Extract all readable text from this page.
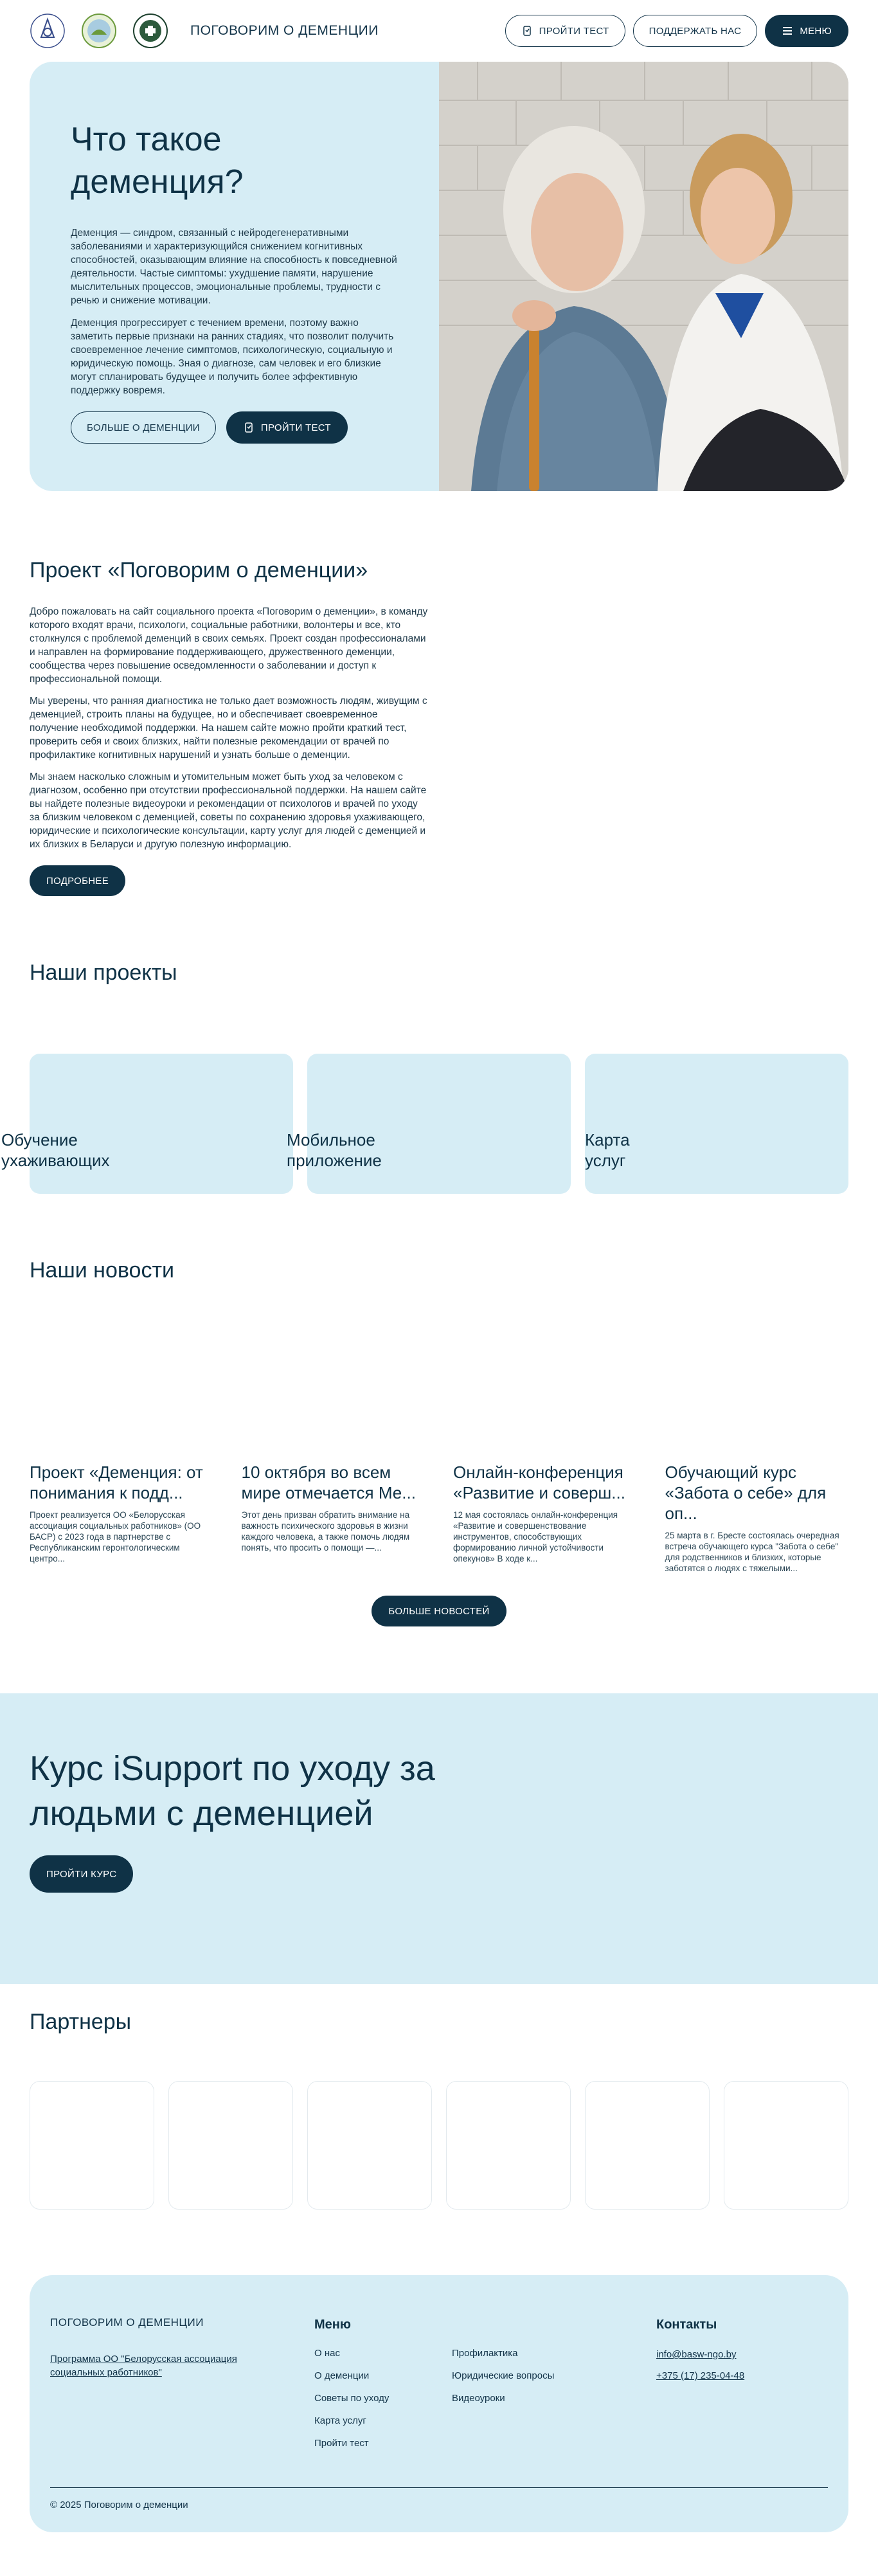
ПОГОВОРИМ О ДЕМЕНЦИИ	ПРОЙТИ ТЕСТ	ПОДДЕРЖАТЬ НАС	МЕНЮ
Что такое деменция?

Деменция — синдром, связанный с нейродегенеративными заболеваниями и характеризующийся снижением когнитивных способностей, оказывающим влияние на способность к повседневной деятельности. Частые симптомы: ухудшение памяти, нарушение мыслительных процессов, эмоциональные проблемы, трудности с речью и снижение мотивации.

Деменция прогрессирует с течением времени, поэтому важно заметить первые признаки на ранних стадиях, что позволит получить своевременное лечение симптомов, психологическую, социальную и юридическую помощь. Зная о диагнозе, сам человек и его близкие могут спланировать будущее и получить более эффективную поддержку вовремя.

БОЛЬШЕ О ДЕМЕНЦИИ	ПРОЙТИ ТЕСТ
Проект «Поговорим о деменции»

Добро пожаловать на сайт социального проекта «Поговорим о деменции», в команду которого входят врачи, психологи, социальные работники, волонтеры и все, кто столкнулся с проблемой деменций в своих семьях. Проект создан профессионалами и направлен на формирование поддерживающего, дружественного деменции, сообщества через повышение осведомленности о заболевании и доступ к профессиональной помощи.

Мы уверены, что ранняя диагностика не только дает возможность людям, живущим с деменцией, строить планы на будущее, но и обеспечивает своевременное получение необходимой поддержки. На нашем сайте можно пройти краткий тест, проверить себя и своих близких, найти полезные рекомендации от врачей по профилактике когнитивных нарушений и узнать больше о деменции.

Мы знаем насколько сложным и утомительным может быть уход за человеком с диагнозом, особенно при отсутствии профессиональной поддержки. На нашем сайте вы найдете полезные видеоуроки и рекомендации от психологов и врачей по уходу за близким человеком с деменцией, советы по сохранению здоровья ухаживающего, юридические и психологические консультации, карту услуг для людей с деменцией и их близких в Беларуси и другую полезную информацию.

ПОДРОБНЕЕ
Наши проекты
Обучение ухаживающих
Мобильное приложение
Карта услуг
Наши новости
Проект «Деменция: от понимания к подд...
Проект реализуется ОО «Белорусская ассоциация социальных работников» (ОО БАСР) с 2023 года в партнерстве с Республиканским геронтологическим центро...
10 октября во всем мире отмечается Ме...
Этот день призван обратить внимание на важность психического здоровья в жизни каждого человека, а также помочь людям понять, что просить о помощи —...
Онлайн-конференция «Развитие и соверш...
12 мая состоялась онлайн-конференция «Развитие и совершенствование инструментов, способствующих формированию личной устойчивости опекунов» В ходе к...
Обучающий курс «Забота о себе» для оп...
25 марта в г. Бресте состоялась очередная встреча обучающего курса "Забота о себе" для родственников и близких, которые заботятся о людях с тяжелыми...
БОЛЬШЕ НОВОСТЕЙ
Курс iSupport по уходу за людьми с деменцией
ПРОЙТИ КУРС
Партнеры
ПОГОВОРИМ О ДЕМЕНЦИИ
Программа ОО "Белорусская ассоциация социальных работников"
Меню
О нас
О деменции
Советы по уходу
Карта услуг
Пройти тест
Профилактика
Юридические вопросы
Видеоуроки
Контакты
info@basw-ngo.by
+375 (17) 235-04-48
© 2025 Поговорим о деменции
